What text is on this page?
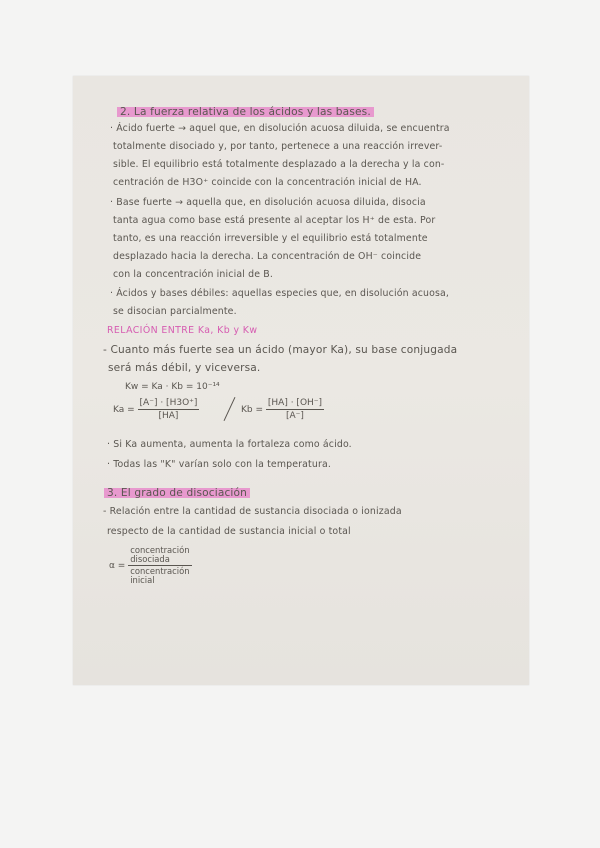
2. La fuerza relativa de los ácidos y las bases.
· Ácido fuerte → aquel que, en disolución acuosa diluida, se encuentra
totalmente disociado y, por tanto, pertenece a una reacción irrever-
sible. El equilibrio está totalmente desplazado a la derecha y la con-
centración de H3O⁺ coincide con la concentración inicial de HA.
· Base fuerte → aquella que, en disolución acuosa diluida, disocia
tanta agua como base está presente al aceptar los H⁺ de esta. Por
tanto, es una reacción irreversible y el equilibrio está totalmente
desplazado hacia la derecha. La concentración de OH⁻ coincide
con la concentración inicial de B.
· Ácidos y bases débiles: aquellas especies que, en disolución acuosa,
se disocian parcialmente.
RELACIÓN ENTRE Ka, Kb y Kw
- Cuanto más fuerte sea un ácido (mayor Ka), su base conjugada
será más débil, y viceversa.
Kw = Ka · Kb = 10⁻¹⁴
$Ka = \frac{[A^-] \cdot [H3O^+]}{[HA]}$	$Kb = \frac{[HA] \cdot [OH^-]}{[A^-]}$
· Si Ka aumenta, aumenta la fortaleza como ácido.
· Todas las "K" varían solo con la temperatura.
3. El grado de disociación
- Relación entre la cantidad de sustancia disociada o ionizada
respecto de la cantidad de sustancia inicial o total
α =
concentración
disociada
concentración
inicial
